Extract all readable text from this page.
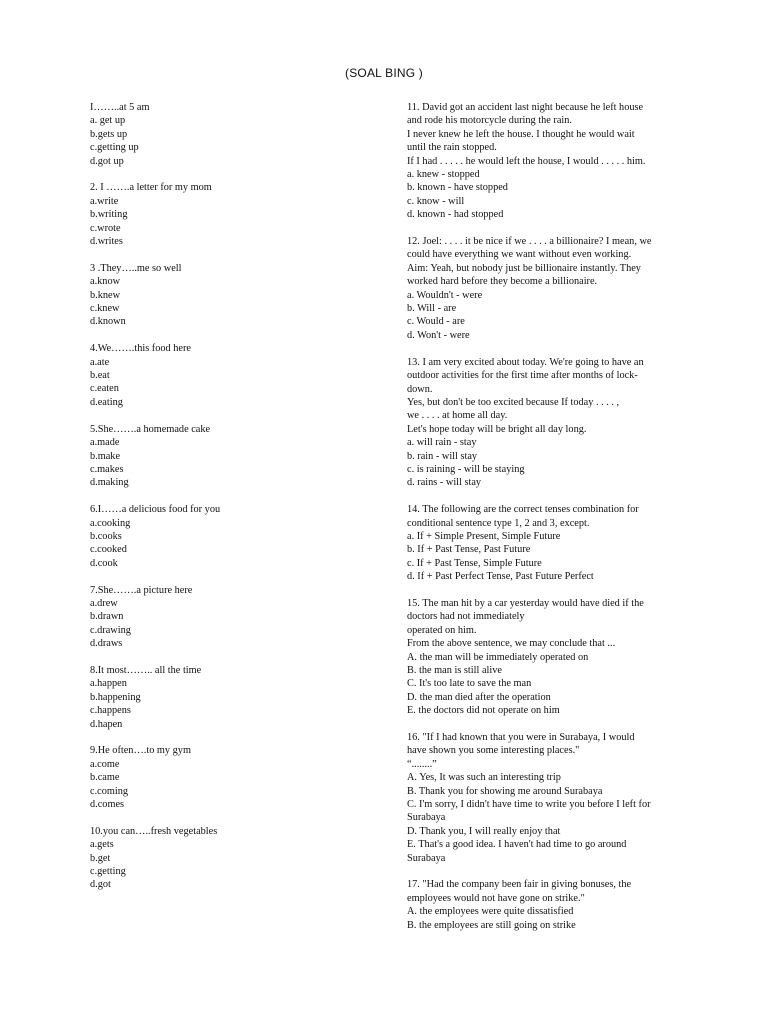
(SOAL BING )
I……..at 5 am
a. get up
b.gets up
c.getting up
d.got up
2. I …….a letter for my mom
a.write
b.writing
c.wrote
d.writes
3 .They…..me so well
a.know
b.knew
c.knew
d.known
4.We…….this food here
a.ate
b.eat
c.eaten
d.eating
5.She…….a homemade cake
a.made
b.make
c.makes
d.making
6.I……a delicious food for you
a.cooking
b.cooks
c.cooked
d.cook
7.She…….a picture here
a.drew
b.drawn
c.drawing
d.draws
8.It most…….. all the time
a.happen
b.happening
c.happens
d.hapen
9.He often….to my gym
a.come
b.came
c.coming
d.comes
10.you can…..fresh vegetables
a.gets
b.get
c.getting
d.got
11. David got an accident last night because he left house
and rode his motorcycle during the rain.
I never knew he left the house. I thought he would wait
until the rain stopped.
If I had . . . . . he would left the house, I would . . . . . him.
a. knew - stopped
b. known - have stopped
c. know - will
d. known - had stopped
12. Joel: . . . . it be nice if we . . . . a billionaire? I mean, we
could have everything we want without even working.
Aim: Yeah, but nobody just be billionaire instantly. They
worked hard before they become a billionaire.
a. Wouldn't - were
b. Will - are
c. Would - are
d. Won't - were
13. I am very excited about today. We're going to have an
outdoor activities for the first time after months of lock-
down.
Yes, but don't be too excited because If today . . . . ,
we . . . . at home all day.
Let's hope today will be bright all day long.
a. will rain - stay
b. rain - will stay
c. is raining - will be staying
d. rains - will stay
14. The following are the correct tenses combination for
conditional sentence type 1, 2 and 3, except.
a. If + Simple Present, Simple Future
b. If + Past Tense, Past Future
c. If + Past Tense, Simple Future
d. If + Past Perfect Tense, Past Future Perfect
15. The man hit by a car yesterday would have died if the
doctors had not immediately
operated on him.
From the above sentence, we may conclude that ...
A. the man will be immediately operated on
B. the man is still alive
C. It's too late to save the man
D. the man died after the operation
E. the doctors did not operate on him
16. "If I had known that you were in Surabaya, I would
have shown you some interesting places."
“........”
A. Yes, It was such an interesting trip
B. Thank you for showing me around Surabaya
C. I'm sorry, I didn't have time to write you before I left for
Surabaya
D. Thank you, I will really enjoy that
E. That's a good idea. I haven't had time to go around
Surabaya
17. "Had the company been fair in giving bonuses, the
employees would not have gone on strike."
A. the employees were quite dissatisfied
B. the employees are still going on strike
